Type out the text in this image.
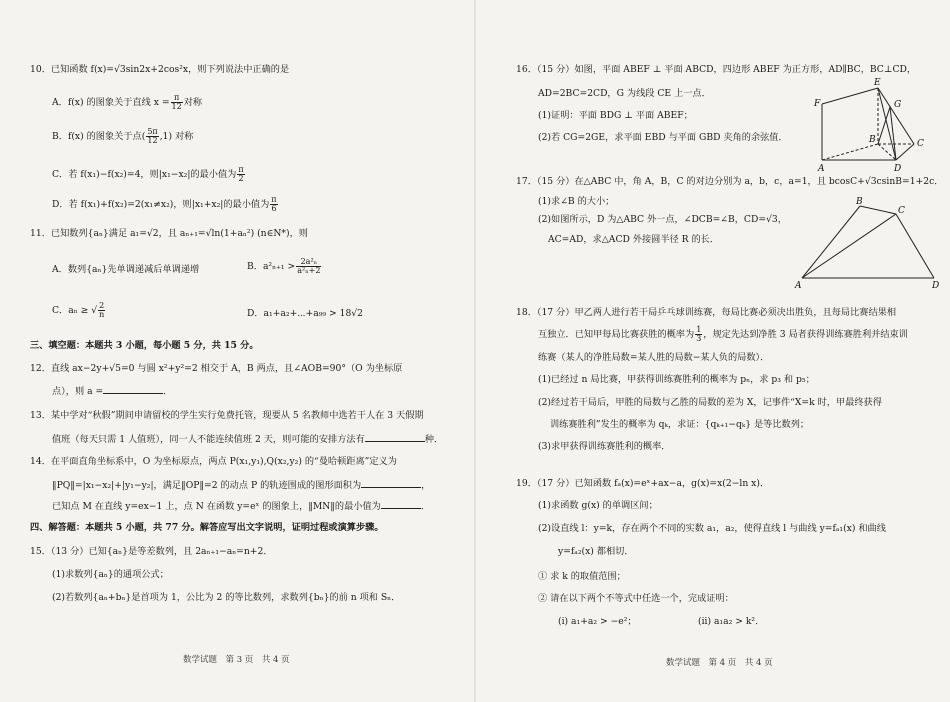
10．已知函数 f(x)=√3sin2x+2cos²x，则下列说法中正确的是
A．f(x) 的图象关于直线 $x = \frac{\pi}{12}$ 对称
B．f(x) 的图象关于点( $\frac{5\pi}{12} ,1$) 对称
C．若 f(x₁)−f(x₂)=4，则|x₁−x₂|的最小值为 $\frac{\pi}{2}$
D．若 f(x₁)+f(x₂)=2(x₁≠x₂)，则|x₁+x₂|的最小值为 $\frac{\pi}{6}$
11．已知数列{aₙ}满足 a₁=√2，且 aₙ₊₁=√ln(1+aₙ²) (n∈N*)，则
A．数列{aₙ}先单调递减后单调递增	B．$a^2_{n+1} > \frac{\text{2a²ₙ}}{\text{a²ₙ+2}}$
C．aₙ ≥ √ $\frac{2}{n}$	D．a₁+a₂+⋯+a₉₉ > 18√2
三、填空题：本题共 3 小题，每小题 5 分，共 15 分。
12．直线 ax−2y+√5=0 与圆 x²+y²=2 相交于 A，B 两点，且∠AOB=90°（O 为坐标原
点），则 a =	．
13．某中学对“秋假”期间申请留校的学生实行免费托管，现要从 5 名教师中选若干人在 3 天假期
值班（每天只需 1 人值班），同一人不能连续值班 2 天，则可能的安排方法有	种．
14．在平面直角坐标系中，O 为坐标原点，两点 P(x₁,y₁),Q(x₂,y₂) 的“曼哈顿距离”定义为
‖PQ‖=|x₁−x₂|+|y₁−y₂|，满足‖OP‖=2 的动点 P 的轨迹围成的图形面积为	，
已知点 M 在直线 y=ex−1 上，点 N 在函数 y=eˣ 的图象上，‖MN‖的最小值为	．
四、解答题：本题共 5 小题，共 77 分。解答应写出文字说明，证明过程或演算步骤。
15．（13 分）已知{aₙ}是等差数列，且 2aₙ₊₁−aₙ=n+2．
(1)求数列{aₙ}的通项公式；
(2)若数列{aₙ+bₙ}是首项为 1，公比为 2 的等比数列，求数列{bₙ}的前 n 项和 Sₙ．
数学试题　第 3 页　共 4 页
16．（15 分）如图，平面 ABEF ⊥ 平面 ABCD，四边形 ABEF 为正方形，AD∥BC，BC⊥CD，
AD=2BC=2CD，G 为线段 CE 上一点．
(1)证明：平面 BDG ⊥ 平面 ABEF；
(2)若 CG=2GE，求平面 EBD 与平面 GBD 夹角的余弦值．
F
E
G
B	C
A	D
17．（15 分）在△ABC 中，角 A，B，C 的对边分别为 a，b，c，a=1，且 bcosC+√3csinB=1+2c．
(1)求∠B 的大小；
(2)如图所示，D 为△ABC 外一点，∠DCB=∠B，CD=√3，
AC=AD，求△ACD 外接圆半径 R 的长．
B
C
A	D
18．（17 分）甲乙两人进行若干局乒乓球训练赛，每局比赛必须决出胜负，且每局比赛结果相
互独立．已知甲每局比赛获胜的概率为 $\frac{1}{3}$ ，规定先达到净胜 3 局者获得训练赛胜利并结束训
练赛（某人的净胜局数=某人胜的局数−某人负的局数）．
(1)已经过 n 局比赛，甲获得训练赛胜利的概率为 pₙ，求 p₃ 和 p₅；
(2)经过若干局后，甲胜的局数与乙胜的局数的差为 X，记事件“X=k 时，甲最终获得
训练赛胜利”发生的概率为 qₖ，求证：{qₖ₊₁−qₖ} 是等比数列；
(3)求甲获得训练赛胜利的概率．
19．（17 分）已知函数 fₐ(x)=eˣ+ax−a，g(x)=x(2−ln x)．
(1)求函数 g(x) 的单调区间；
(2)设直线 l：y=k，存在两个不同的实数 a₁，a₂，使得直线 l 与曲线 y=fₐ₁(x) 和曲线
y=fₐ₂(x) 都相切．
① 求 k 的取值范围；
② 请在以下两个不等式中任选一个，完成证明：
(i) a₁+a₂ > −e²；	(ii) a₁a₂ > k²．
数学试题　第 4 页　共 4 页
